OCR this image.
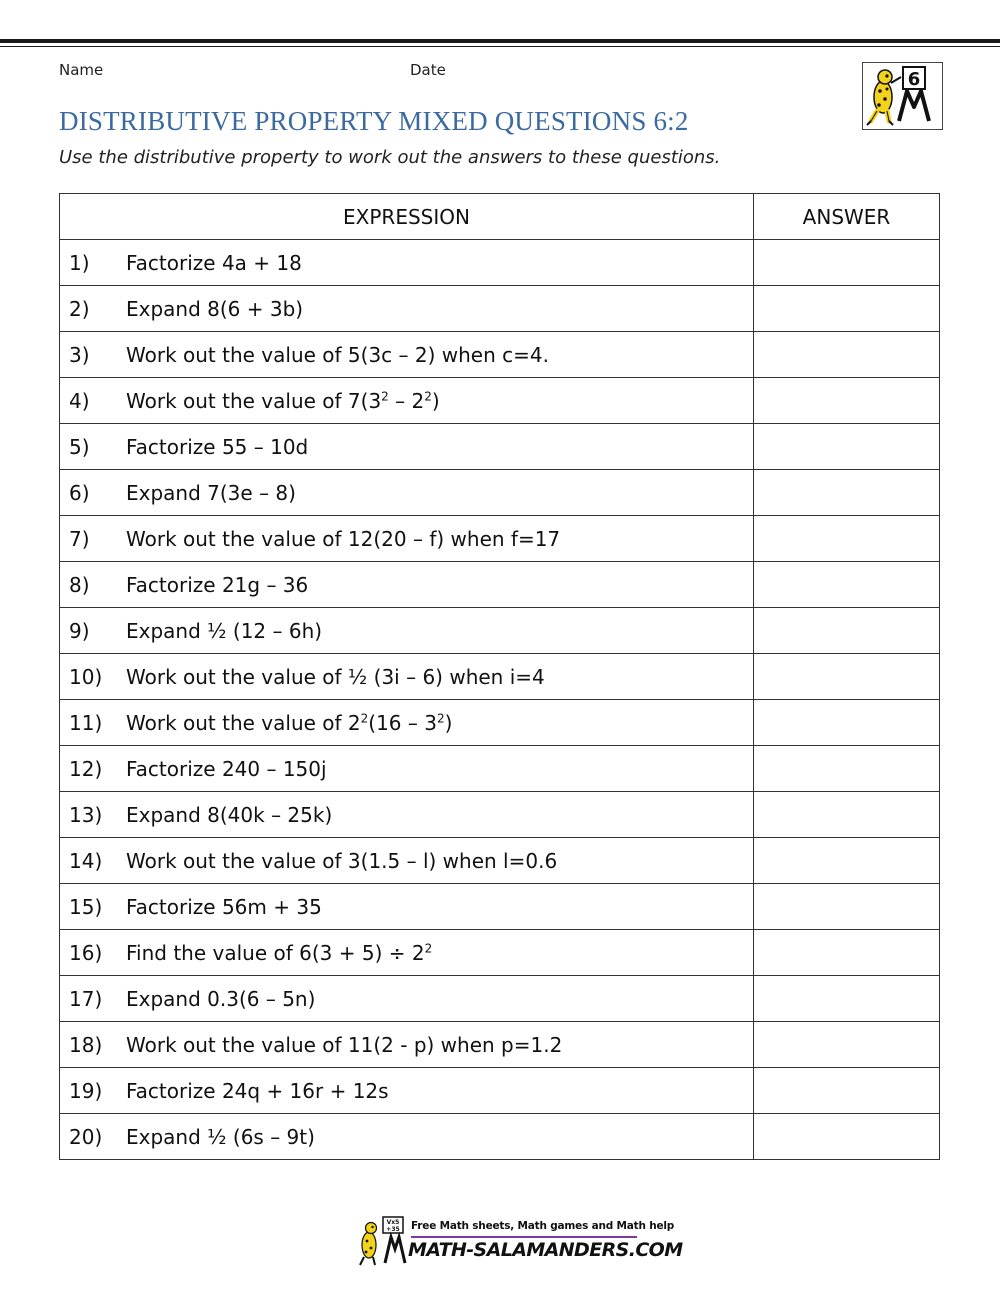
Name	Date	6
DISTRIBUTIVE PROPERTY MIXED QUESTIONS 6:2

Use the distributive property to work out the answers to these questions.

EXPRESSION	ANSWER
1) Factorize 4a + 18	
2) Expand 8(6 + 3b)	
3) Work out the value of 5(3c – 2) when c=4.	
4) Work out the value of $7(3^2 - 2^2)$	
5) Factorize 55 – 10d	
6) Expand 7(3e – 8)	
7) Work out the value of 12(20 – f) when f=17	
8) Factorize 21g – 36	
9) Expand ½ (12 – 6h)	
10) Work out the value of ½ (3i – 6) when i=4	
11) Work out the value of $2^2(16 - 3^2)$	
12) Factorize 240 – 150j	
13) Expand 8(40k – 25k)	
14) Work out the value of 3(1.5 – l) when l=0.6	
15) Factorize 56m + 35	
16) Find the value of $6(3 + 5) \div 2^2$	
17) Expand 0.3(6 – 5n)	
18) Work out the value of 11(2 - p) when p=1.2	
19) Factorize 24q + 16r + 12s	
20) Expand ½ (6s – 9t)	
Vx5
+35 Free Math sheets, Math games and Math help
MATH-SALAMANDERS.COM
